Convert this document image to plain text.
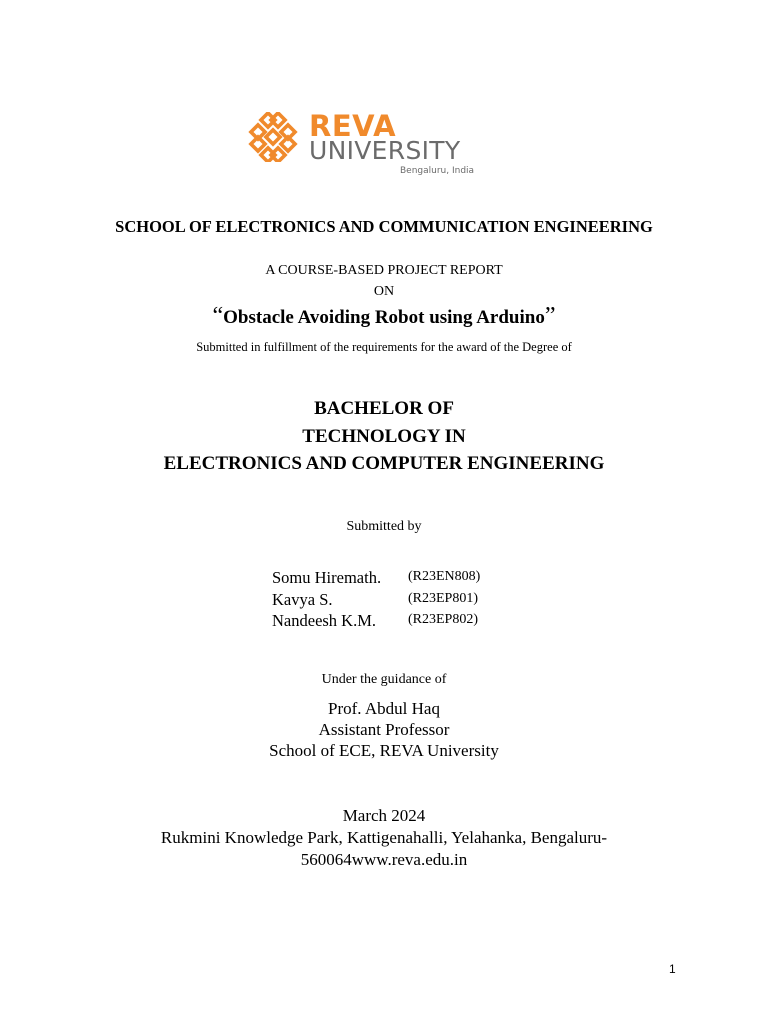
REVA
UNIVERSITY
Bengaluru, India
SCHOOL OF ELECTRONICS AND COMMUNICATION ENGINEERING
A COURSE-BASED PROJECT REPORT
ON
“Obstacle Avoiding Robot using Arduino”
Submitted in fulfillment of the requirements for the award of the Degree of
BACHELOR OF
TECHNOLOGY IN
ELECTRONICS AND COMPUTER ENGINEERING
Submitted by
Somu Hiremath. (R23EN808)
Kavya S.	(R23EP801)
Nandeesh K.M. (R23EP802)
Under the guidance of
Prof. Abdul Haq
Assistant Professor
School of ECE, REVA University
March 2024
Rukmini Knowledge Park, Kattigenahalli, Yelahanka, Bengaluru-
560064www.reva.edu.in
1
